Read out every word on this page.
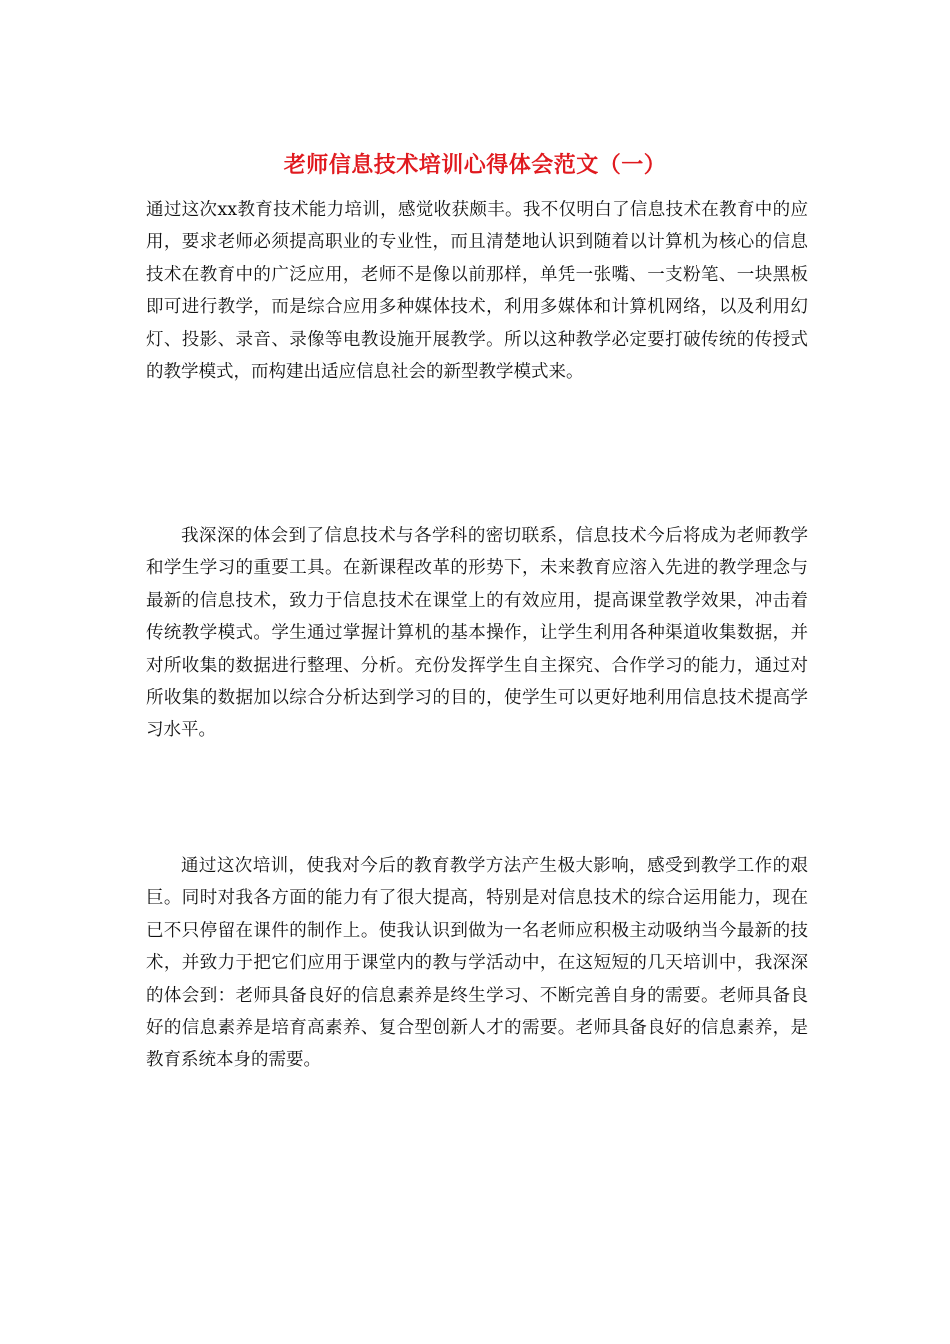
老师信息技术培训心得体会范文（一）

通过这次xx教育技术能力培训，感觉收获颇丰。我不仅明白了信息技术在教育中的应用，要求老师必须提高职业的专业性，而且清楚地认识到随着以计算机为核心的信息技术在教育中的广泛应用，老师不是像以前那样，单凭一张嘴、一支粉笔、一块黑板即可进行教学，而是综合应用多种媒体技术，利用多媒体和计算机网络，以及利用幻灯、投影、录音、录像等电教设施开展教学。所以这种教学必定要打破传统的传授式的教学模式，而构建出适应信息社会的新型教学模式来。

我深深的体会到了信息技术与各学科的密切联系，信息技术今后将成为老师教学和学生学习的重要工具。在新课程改革的形势下，未来教育应溶入先进的教学理念与最新的信息技术，致力于信息技术在课堂上的有效应用，提高课堂教学效果，冲击着传统教学模式。学生通过掌握计算机的基本操作，让学生利用各种渠道收集数据，并对所收集的数据进行整理、分析。充份发挥学生自主探究、合作学习的能力，通过对所收集的数据加以综合分析达到学习的目的，使学生可以更好地利用信息技术提高学习水平。

通过这次培训，使我对今后的教育教学方法产生极大影响，感受到教学工作的艰巨。同时对我各方面的能力有了很大提高，特别是对信息技术的综合运用能力，现在已不只停留在课件的制作上。使我认识到做为一名老师应积极主动吸纳当今最新的技术，并致力于把它们应用于课堂内的教与学活动中，在这短短的几天培训中，我深深的体会到：老师具备良好的信息素养是终生学习、不断完善自身的需要。老师具备良好的信息素养是培育高素养、复合型创新人才的需要。老师具备良好的信息素养，是教育系统本身的需要。
